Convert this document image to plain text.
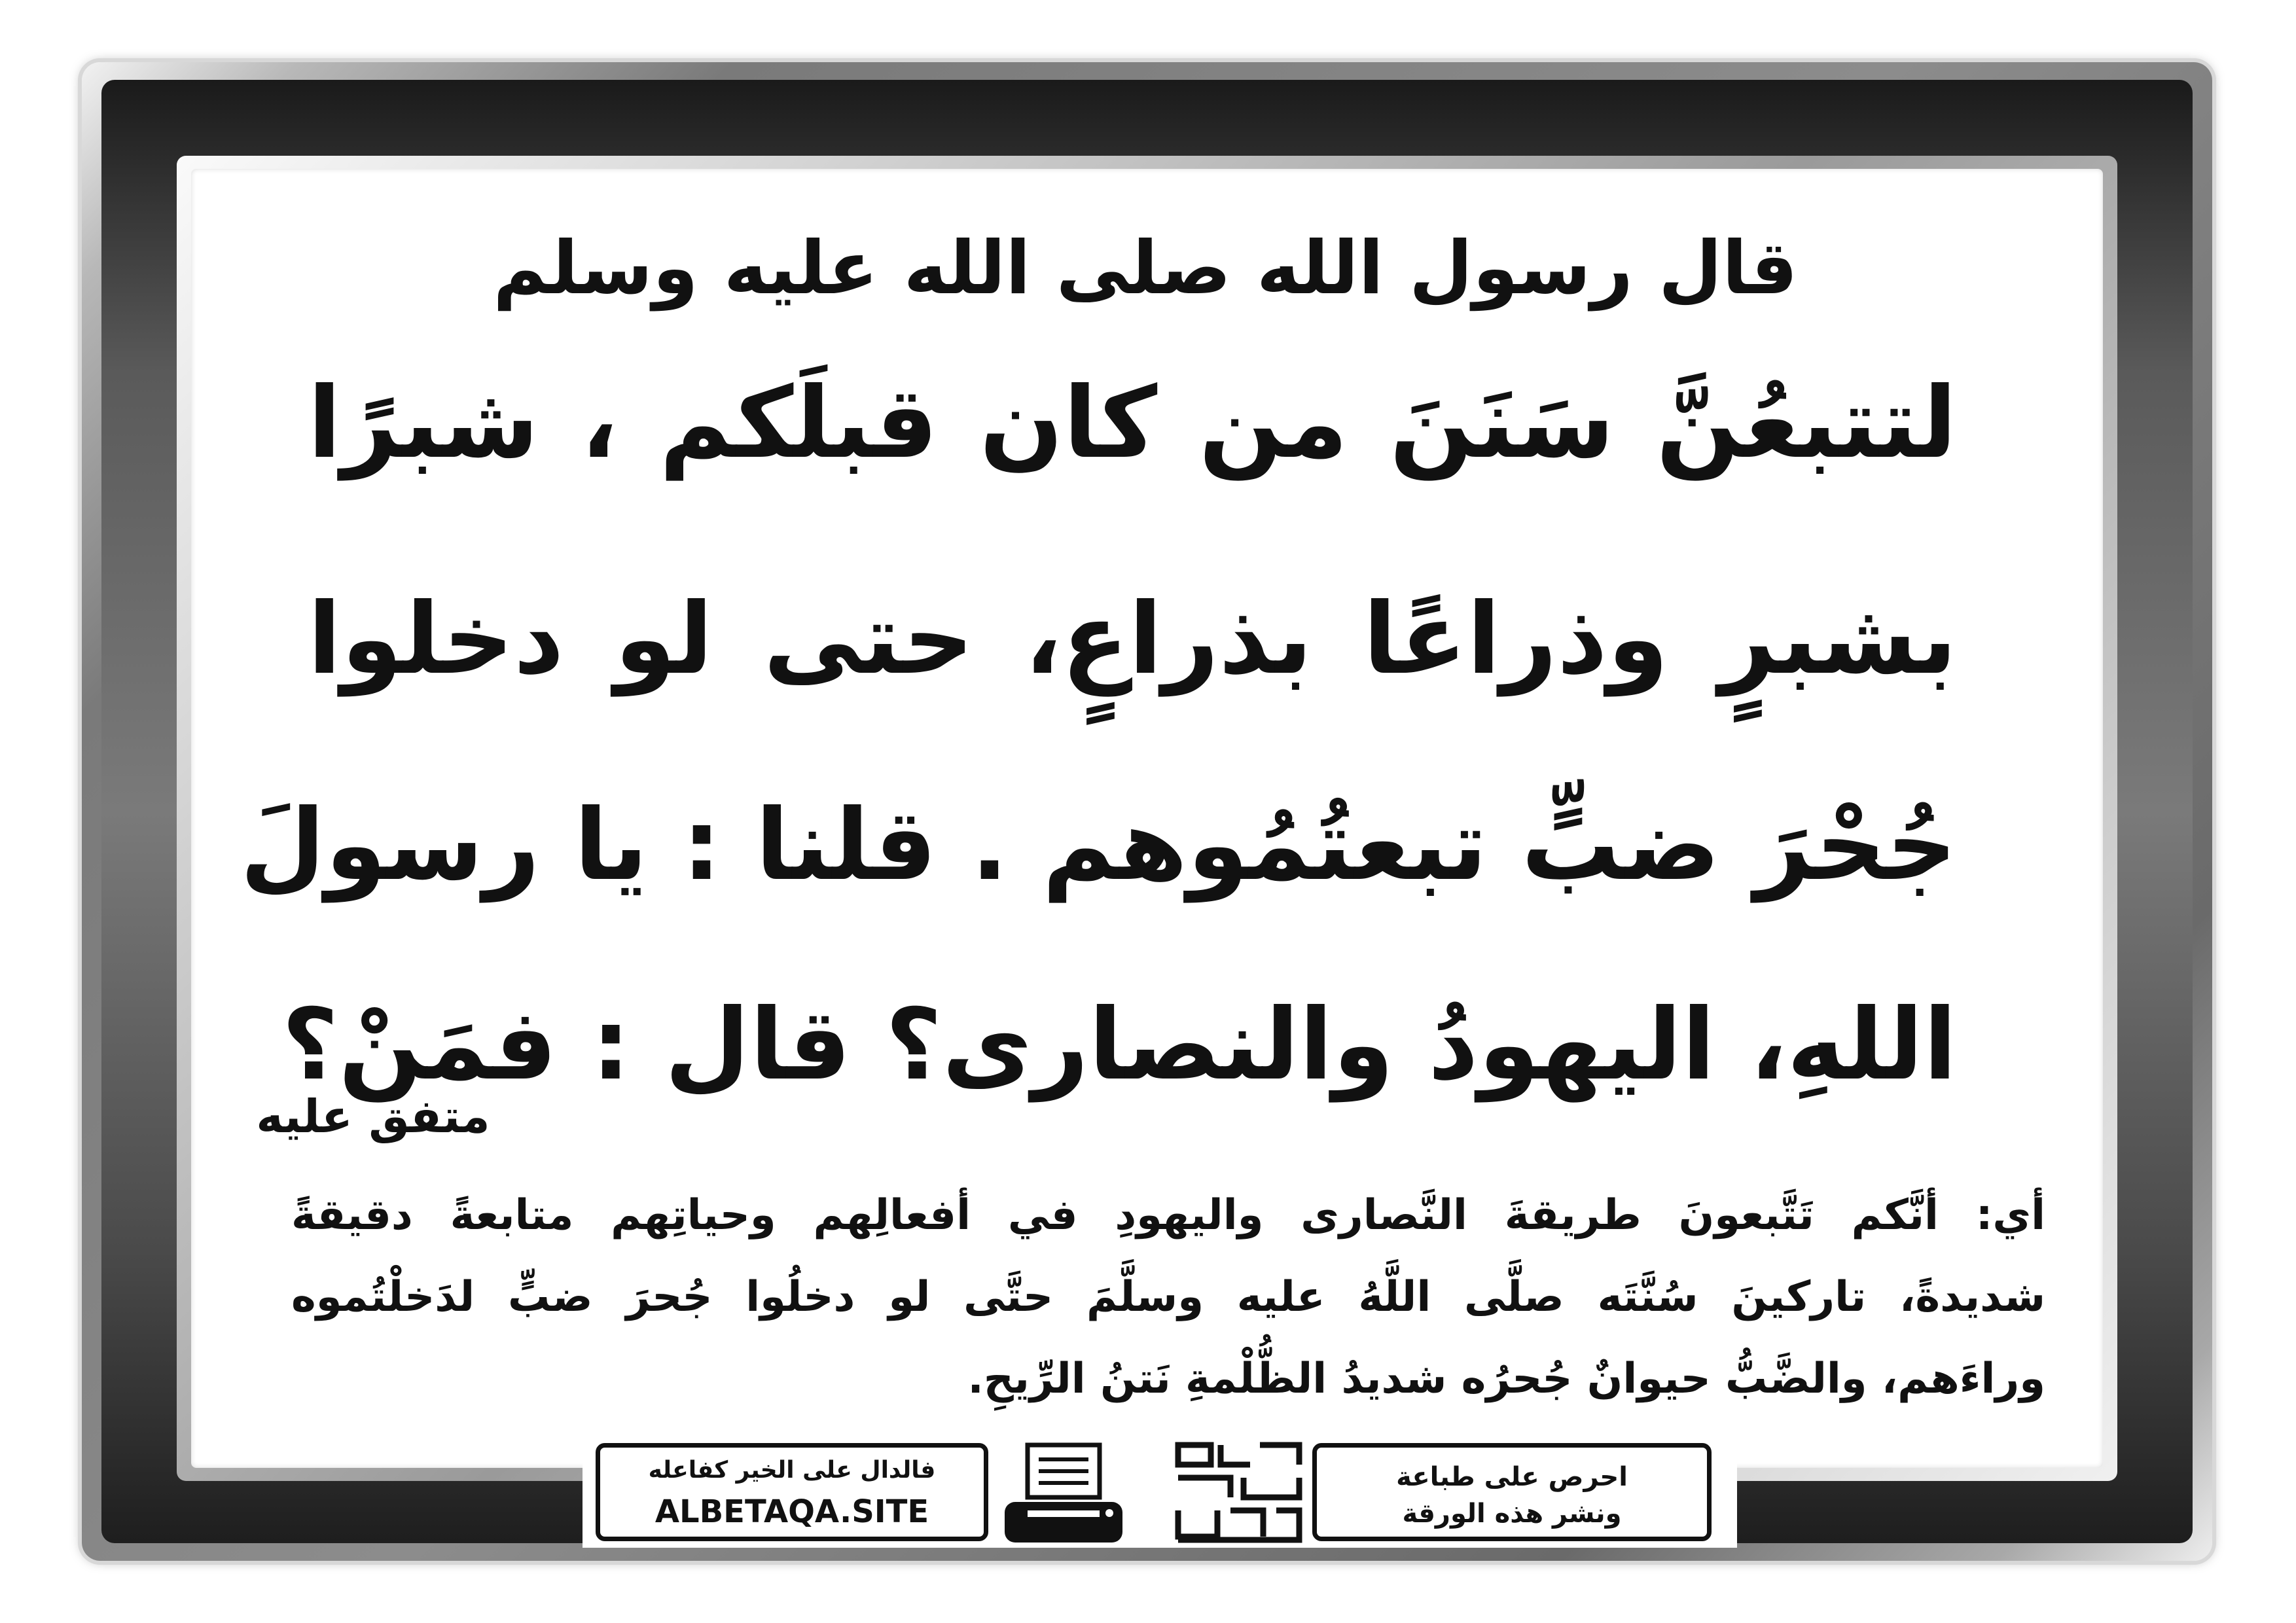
قال رسول الله صلى الله عليه وسلم
لتتبعُنَّ سَنَنَ من كان قبلَكم ، شبرًا
بشبرٍ وذراعًا بذراعٍ، حتى لو دخلوا
جُحْرَ ضبٍّ تبعتُمُوهم . قلنا : يا رسولَ
اللهِ، اليهودُ والنصارى؟ قال : فمَنْ؟
متفق عليه
أي: أنَّكم تَتَّبعونَ طريقةَ النَّصارى واليهودِ في أفعالِهم وحياتِهم متابعةً دقيقةً
شديدةً، تاركينَ سُنَّتَه صلَّى اللَّهُ عليه وسلَّمَ حتَّى لو دخلُوا جُحرَ ضبٍّ لدَخلْتُموه
وراءَهم، والضَّبُّ حيوانٌ جُحرُه شديدُ الظُّلْمةِ نَتنُ الرِّيحِ.
فالدال على الخير كفاعله
ALBETAQA.SITE
احرص على طباعة
ونشر هذه الورقة
